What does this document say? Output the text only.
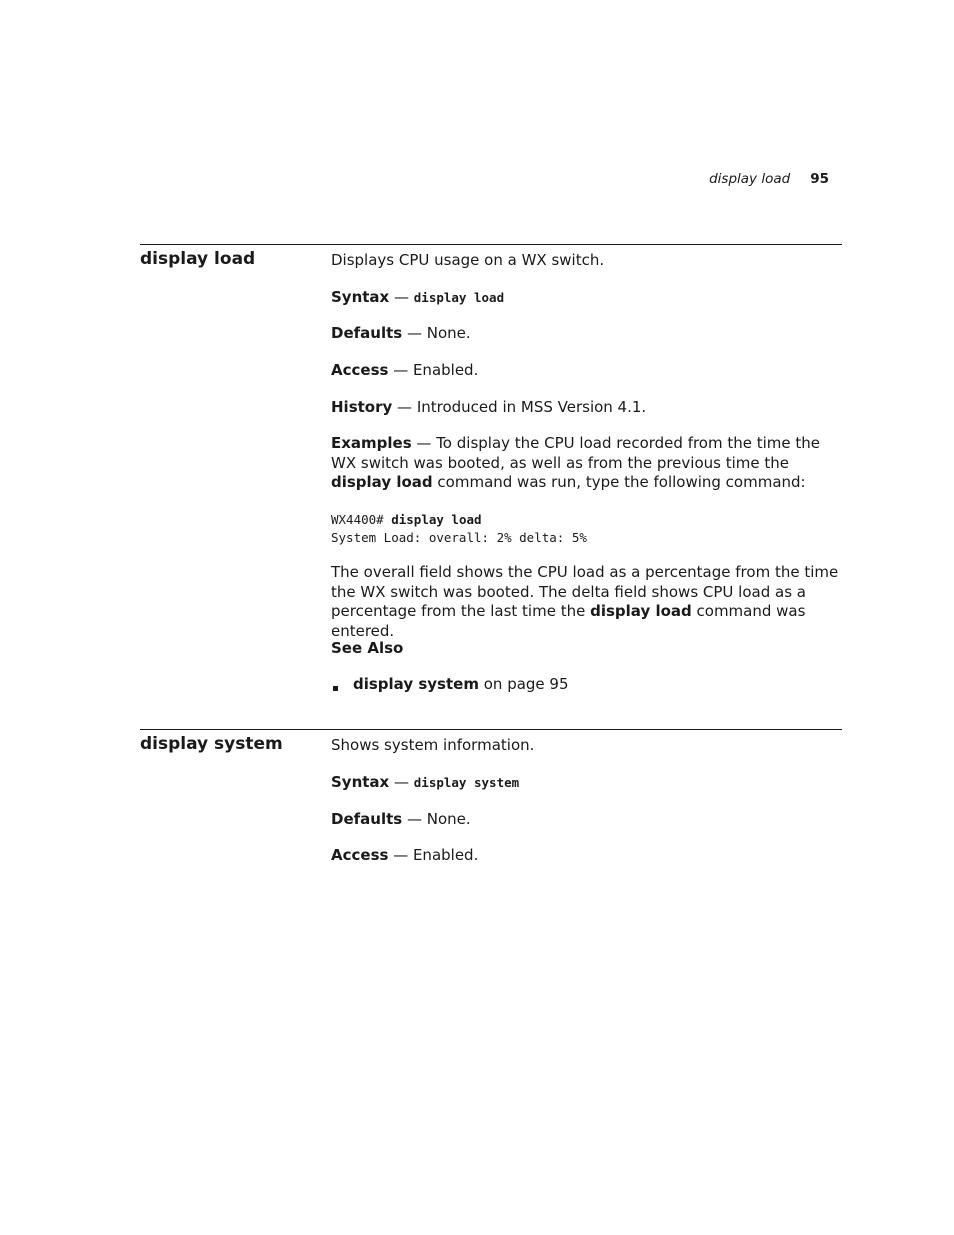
display load 95
display load	Displays CPU usage on a WX switch.
Syntax — display load
Defaults — None.
Access — Enabled.
History — Introduced in MSS Version 4.1.
Examples — To display the CPU load recorded from the time the WX switch was booted, as well as from the previous time the display load command was run, type the following command:
WX4400# display load
System Load: overall: 2% delta: 5%
The overall field shows the CPU load as a percentage from the time the WX switch was booted. The delta field shows CPU load as a percentage from the last time the display load command was entered.
See Also
display system on page 95
display system	Shows system information.
Syntax — display system
Defaults — None.
Access — Enabled.
